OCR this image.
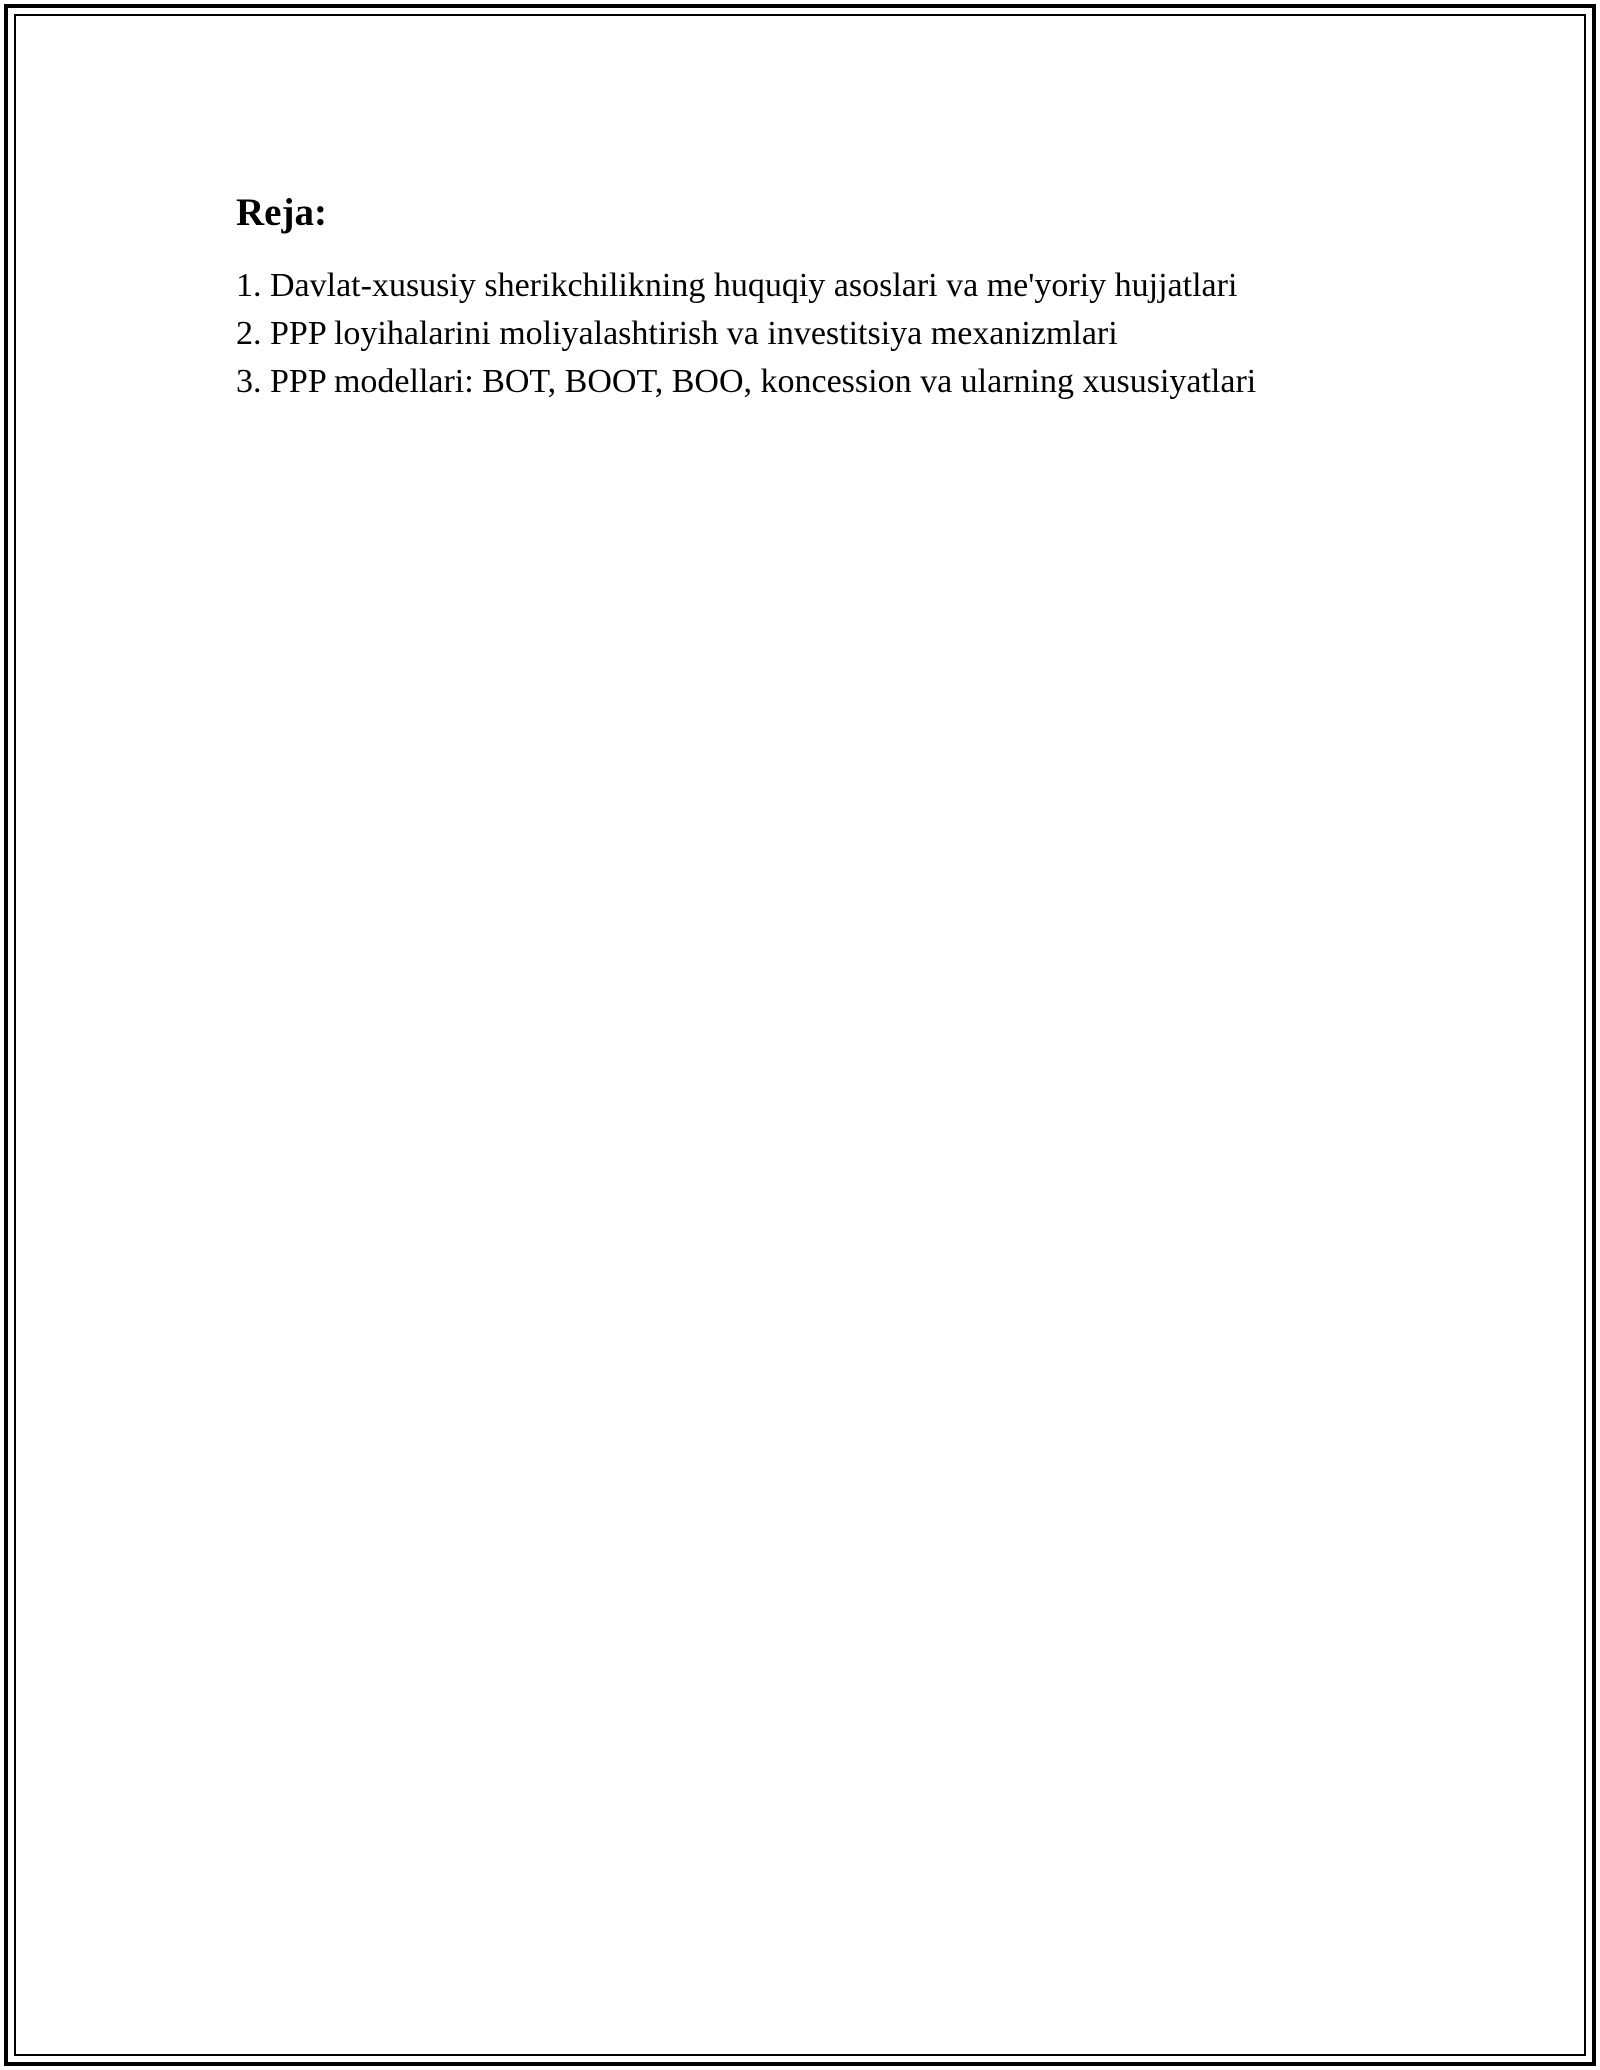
Reja:
1. Davlat-xususiy sherikchilikning huquqiy asoslari va me'yoriy hujjatlari
2. PPP loyihalarini moliyalashtirish va investitsiya mexanizmlari
3. PPP modellari: BOT, BOOT, BOO, koncession va ularning xususiyatlari
